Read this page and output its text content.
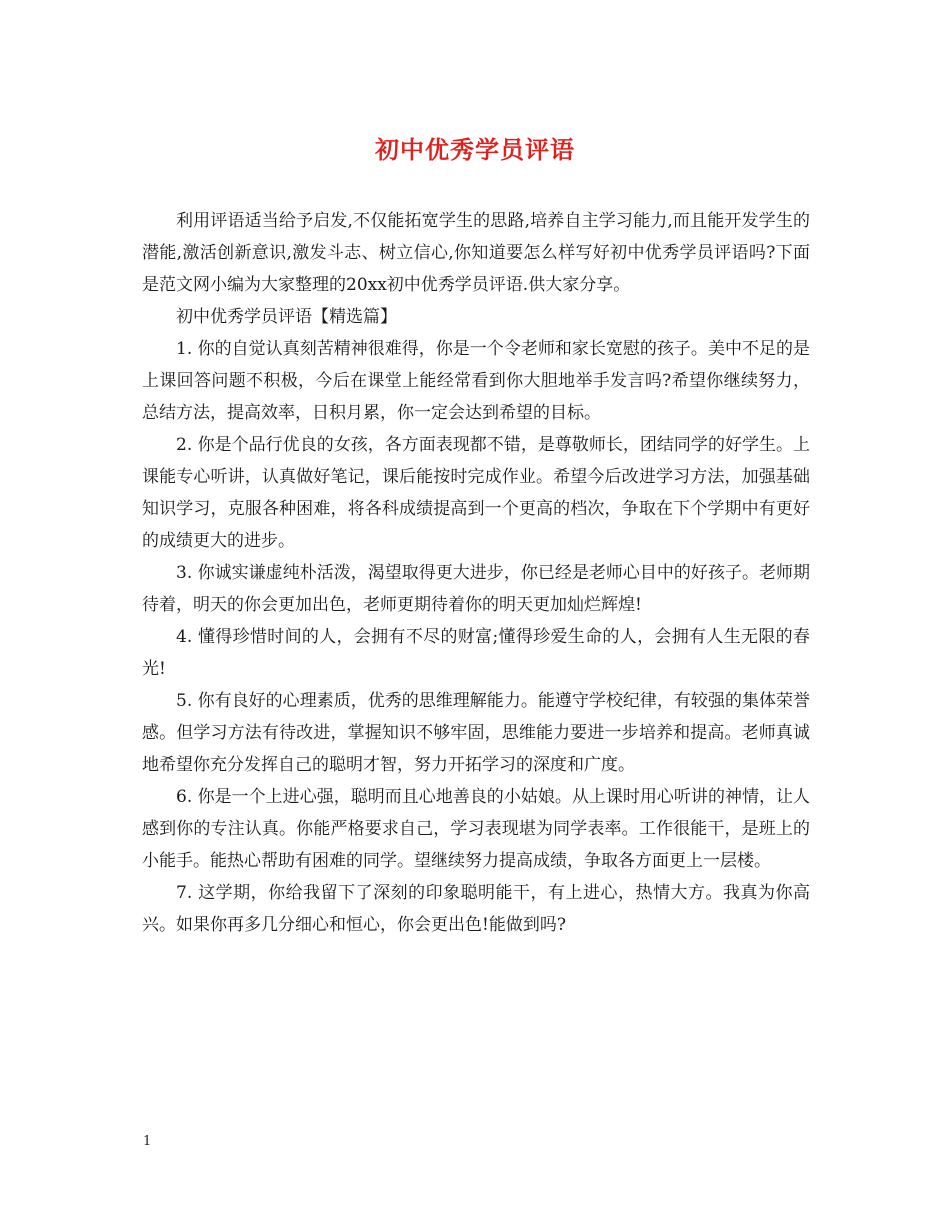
初中优秀学员评语

利用评语适当给予启发,不仅能拓宽学生的思路,培养自主学习能力,而且能开发学生的潜能,激活创新意识,激发斗志、树立信心,你知道要怎么样写好初中优秀学员评语吗?下面是范文网小编为大家整理的20xx初中优秀学员评语.供大家分享。

初中优秀学员评语【精选篇】

1. 你的自觉认真刻苦精神很难得，你是一个令老师和家长宽慰的孩子。美中不足的是上课回答问题不积极，今后在课堂上能经常看到你大胆地举手发言吗?希望你继续努力，总结方法，提高效率，日积月累，你一定会达到希望的目标。

2. 你是个品行优良的女孩，各方面表现都不错，是尊敬师长，团结同学的好学生。上课能专心听讲，认真做好笔记，课后能按时完成作业。希望今后改进学习方法，加强基础知识学习，克服各种困难，将各科成绩提高到一个更高的档次，争取在下个学期中有更好的成绩更大的进步。

3. 你诚实谦虚纯朴活泼，渴望取得更大进步，你已经是老师心目中的好孩子。老师期待着，明天的你会更加出色，老师更期待着你的明天更加灿烂辉煌!

4. 懂得珍惜时间的人，会拥有不尽的财富;懂得珍爱生命的人，会拥有人生无限的春光!

5. 你有良好的心理素质，优秀的思维理解能力。能遵守学校纪律，有较强的集体荣誉感。但学习方法有待改进，掌握知识不够牢固，思维能力要进一步培养和提高。老师真诚地希望你充分发挥自己的聪明才智，努力开拓学习的深度和广度。

6. 你是一个上进心强，聪明而且心地善良的小姑娘。从上课时用心听讲的神情，让人感到你的专注认真。你能严格要求自己，学习表现堪为同学表率。工作很能干，是班上的小能手。能热心帮助有困难的同学。望继续努力提高成绩，争取各方面更上一层楼。

7. 这学期，你给我留下了深刻的印象聪明能干，有上进心，热情大方。我真为你高兴。如果你再多几分细心和恒心，你会更出色!能做到吗?

1
